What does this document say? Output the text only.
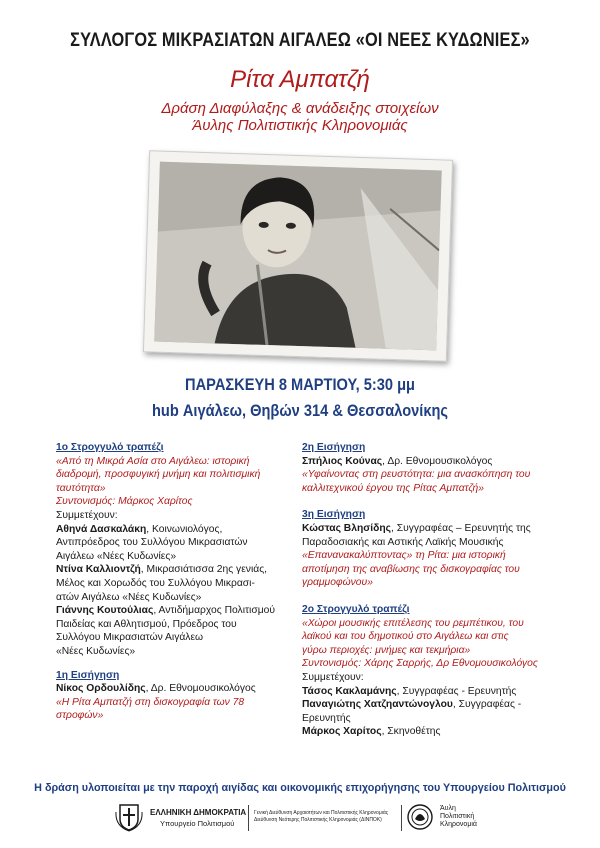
ΣΥΛΛΟΓΟΣ ΜΙΚΡΑΣΙΑΤΩΝ ΑΙΓΑΛΕΩ «ΟΙ ΝΕΕΣ ΚΥΔΩΝΙΕΣ»
Ρίτα Αμπατζή
Δράση Διαφύλαξης & ανάδειξης στοιχείων
Άυλης Πολιτιστικής Κληρονομιάς
ΠΑΡΑΣΚΕΥΗ 8 ΜΑΡΤΙΟΥ, 5:30 μμ
hub Αιγάλεω, Θηβών 314 & Θεσσαλονίκης

1ο Στρογγυλό τραπέζι

«Από τη Μικρά Ασία στο Αιγάλεω: ιστορική

διαδρομή, προσφυγική μνήμη και πολιτισμική

ταυτότητα»

Συντονισμός: Μάρκος Χαρίτος

Συμμετέχουν:

Αθηνά Δασκαλάκη, Κοινωνιολόγος,

Αντιπρόεδρος του Συλλόγου Μικρασιατών

Αιγάλεω «Νέες Κυδωνίες»

Ντίνα Καλλιοντζή, Μικρασιάτισσα 2ης γενιάς,

Μέλος και Χορωδός του Συλλόγου Μικρασι-

ατών Αιγάλεω «Νέες Κυδωνίες»

Γιάννης Κουτούλιας, Αντιδήμαρχος Πολιτισμού

Παιδείας και Αθλητισμού, Πρόεδρος του

Συλλόγου Μικρασιατών Αιγάλεω

«Νέες Κυδωνίες»

1η Εισήγηση

Νίκος Ορδουλίδης, Δρ. Εθνομουσικολόγος

«Η Ρίτα Αμπατζή στη δισκογραφία των 78

στροφών»

2η Εισήγηση

Σπήλιος Κούνας, Δρ. Εθνομουσικολόγος

«Υφαίνοντας στη ρευστότητα: μια ανασκόπηση του

καλλιτεχνικού έργου της Ρίτας Αμπατζή»

3η Εισήγηση

Κώστας Βλησίδης, Συγγραφέας – Ερευνητής της

Παραδοσιακής και Αστικής Λαϊκής Μουσικής

«Επανανακαλύπτοντας» τη Ρίτα: μια ιστορική

αποτίμηση της αναβίωσης της δισκογραφίας του

γραμμοφώνου»

2ο Στρογγυλό τραπέζι

«Χώροι μουσικής επιτέλεσης του ρεμπέτικου, του

λαϊκού και του δημοτικού στο Αιγάλεω και στις

γύρω περιοχές: μνήμες και τεκμήρια»

Συντονισμός: Χάρης Σαρρής, Δρ Εθνομουσικολόγος

Συμμετέχουν:

Τάσος Κακλαμάνης, Συγγραφέας - Ερευνητής

Παναγιώτης Χατζηαντώνογλου, Συγγραφέας -

Ερευνητής

Μάρκος Χαρίτος, Σκηνοθέτης

Η δράση υλοποιείται με την παροχή αιγίδας και οικονομικής επιχορήγησης του Υπουργείου Πολιτισμού
ΕΛΛΗΝΙΚΗ ΔΗΜΟΚΡΑΤΙΑ
Υπουργείο Πολιτισμού
Γενική Διεύθυνση Αρχαιοτήτων και Πολιτιστικής Κληρονομιάς
Διεύθυνση Νεότερης Πολιτιστικής Κληρονομιάς (ΔΙΝΠΟΚ)
Άυλη
Πολιτιστική
Κληρονομιά
